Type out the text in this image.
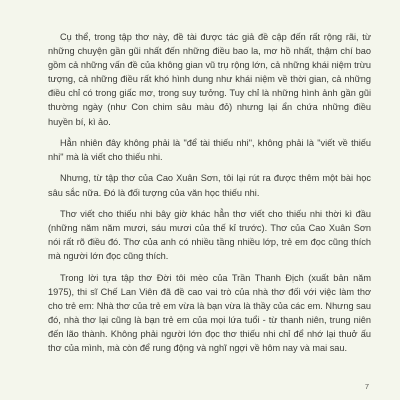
Cụ thể, trong tập thơ này, đề tài được tác giả đề cập đến rất rộng rãi, từ những chuyện gần gũi nhất đến những điều bao la, mơ hồ nhất, thậm chí bao gồm cả những vấn đề của không gian vũ trụ rộng lớn, cả những khái niệm trừu tượng, cả những điều rất khó hình dung như khái niệm về thời gian, cả những điều chỉ có trong giấc mơ, trong suy tưởng. Tuy chỉ là những hình ảnh gần gũi thường ngày (như Con chim sâu màu đỏ) nhưng lại ẩn chứa những điều huyền bí, kì ảo.

Hẳn nhiên đây không phải là "để tài thiếu nhi", không phải là "viết về thiếu nhi" mà là viết cho thiếu nhi.

Nhưng, từ tập thơ của Cao Xuân Sơn, tôi lại rút ra được thêm một bài học sâu sắc nữa. Đó là đối tượng của văn học thiếu nhi.

Thơ viết cho thiếu nhi bây giờ khác hẳn thơ viết cho thiếu nhi thời kì đầu (những năm năm mươi, sáu mươi của thế kỉ trước). Thơ của Cao Xuân Sơn nói rất rõ điều đó. Thơ của anh có nhiều tầng nhiều lớp, trẻ em đọc cũng thích mà người lớn đọc cũng thích.

Trong lời tựa tập thơ Đời tôi mèo của Trần Thanh Địch (xuất bản năm 1975), thi sĩ Chế Lan Viên đã đề cao vai trò của nhà thơ đối với việc làm thơ cho trẻ em: Nhà thơ của trẻ em vừa là bạn vừa là thầy của các em. Nhưng sau đó, nhà thơ lại cũng là bạn trẻ em của mọi lứa tuổi - từ thanh niên, trung niên đến lão thành. Không phải người lớn đọc thơ thiếu nhi chỉ để nhớ lại thuở ấu thơ của mình, mà còn để rung động và nghĩ ngợi về hôm nay và mai sau.

7
